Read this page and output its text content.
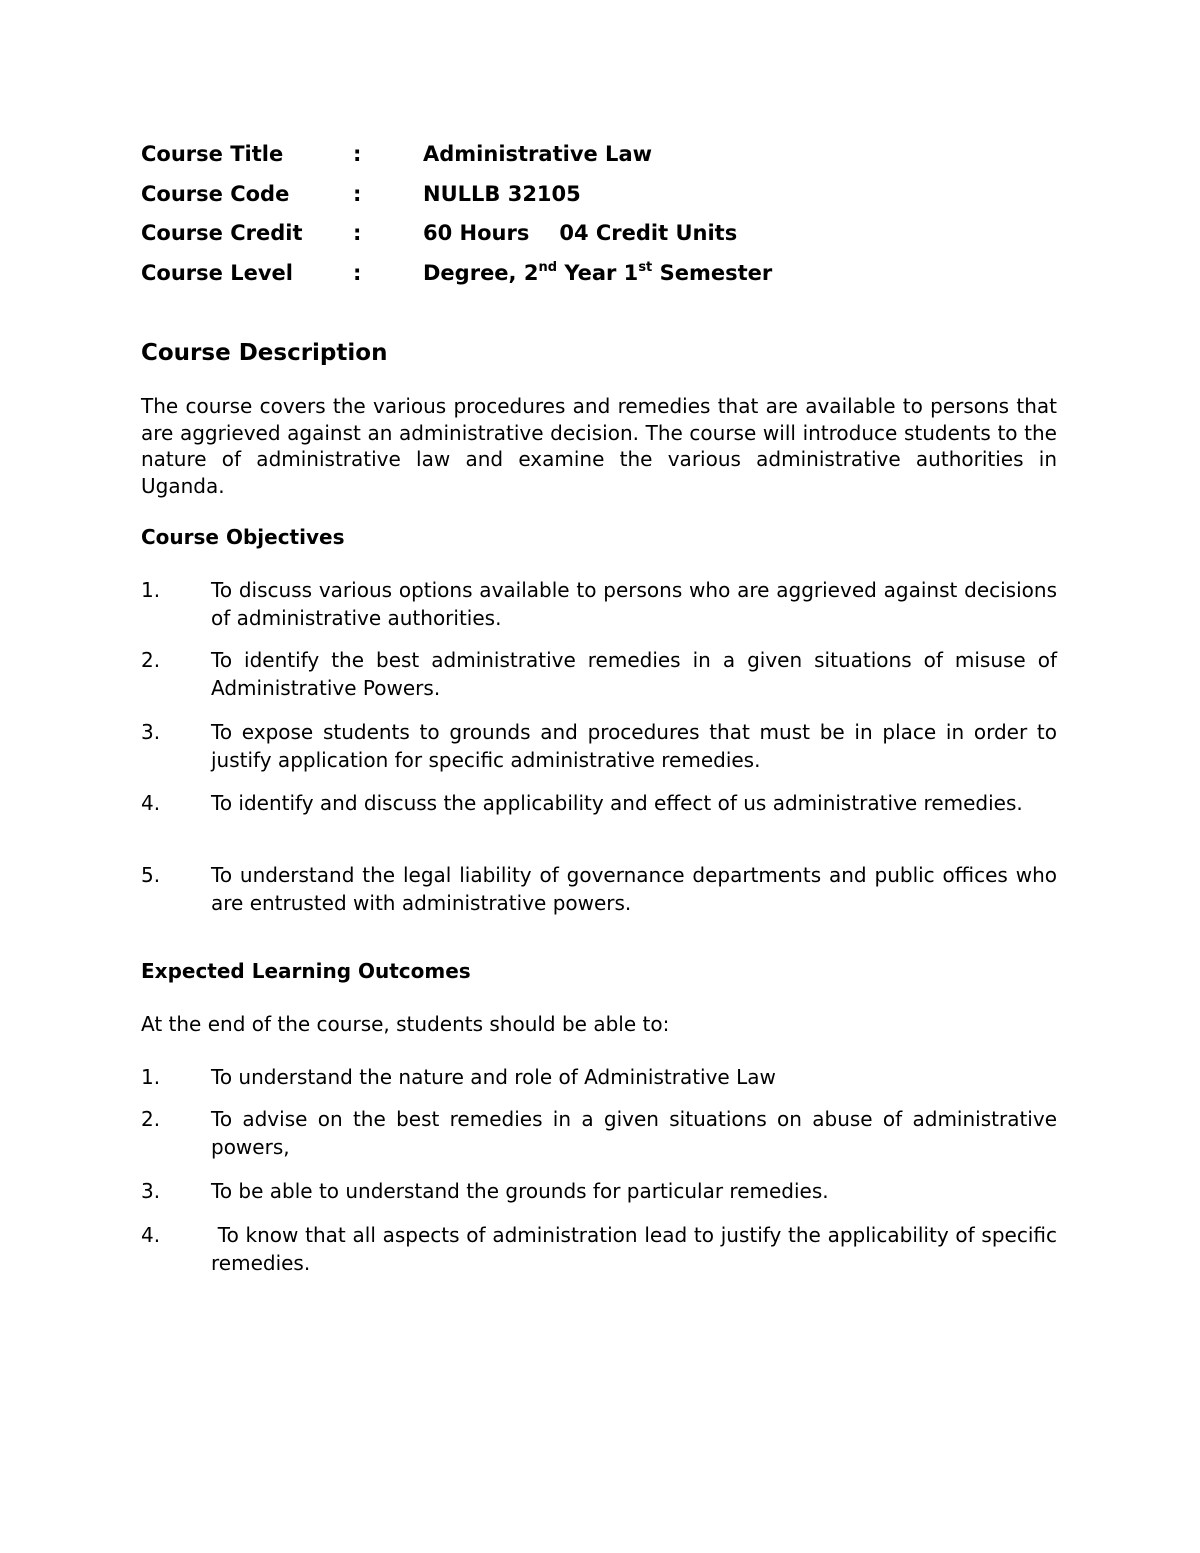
Course Title	:	Administrative Law
Course Code	:	NULLB 32105
Course Credit :	60 Hours 04 Credit Units
Course Level	:	Degree, 2nd Year 1st Semester
Course Description
The course covers the various procedures and remedies that are available to persons that are aggrieved against an administrative decision. The course will introduce students to the nature of administrative law and examine the various administrative authorities in Uganda.
Course Objectives
1.	To discuss various options available to persons who are aggrieved against decisions of administrative authorities.
2.	To identify the best administrative remedies in a given situations of misuse of Administrative Powers.
3.	To expose students to grounds and procedures that must be in place in order to justify application for specific administrative remedies.
4.	To identify and discuss the applicability and effect of us administrative remedies.
5.	To understand the legal liability of governance departments and public offices who are entrusted with administrative powers.
Expected Learning Outcomes
At the end of the course, students should be able to:
1.	To understand the nature and role of Administrative Law
2.	To advise on the best remedies in a given situations on abuse of administrative powers,
3.	To be able to understand the grounds for particular remedies.
4.	To know that all aspects of administration lead to justify the applicability of specific remedies.
